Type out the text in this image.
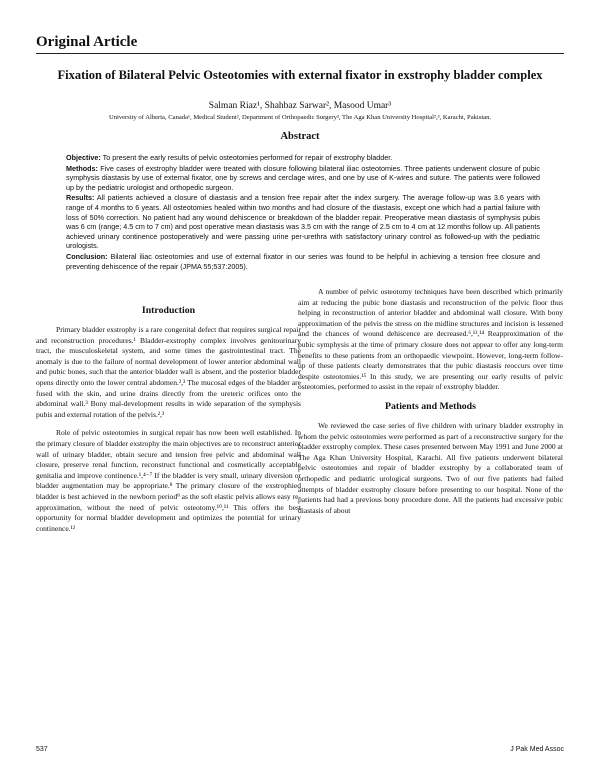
Original Article
Fixation of Bilateral Pelvic Osteotomies with external fixator in exstrophy bladder complex
Salman Riaz¹, Shahbaz Sarwar², Masood Umar³
University of Alberta, Canada¹, Medical Student², Department of Orthopaedic Surgery³, The Aga Khan University Hospital²,³, Karachi, Pakistan.
Abstract

Objective: To present the early results of pelvic osteotomies performed for repair of exstrophy bladder.

Methods: Five cases of exstrophy bladder were treated with closure following bilateral iliac osteotomies. Three patients underwent closure of pubic symphysis diastasis by use of external fixator, one by screws and cerclage wires, and one by use of K-wires and suture. The patients were followed up by the pediatric urologist and orthopedic surgeon.

Results: All patients achieved a closure of diastasis and a tension free repair after the index surgery. The average follow-up was 3.6 years with range of 4 months to 6 years. All osteotomies healed within two months and had closure of the diastasis, except one which had a partial failure with loss of 50% correction. No patient had any wound dehiscence or breakdown of the bladder repair. Preoperative mean diastasis of symphysis pubis was 6 cm (range; 4.5 cm to 7 cm) and post operative mean diastasis was 3.5 cm with the range of 2.5 cm to 4 cm at 12 months follow up. All patients achieved urinary continence postoperatively and were passing urine per-urethra with satisfactory urinary control as followed-up with the pediatric urologists.

Conclusion: Bilateral iliac osteotomies and use of external fixator in our series was found to be helpful in achieving a tension free closure and preventing dehiscence of the repair (JPMA 55;537:2005).

Introduction

Primary bladder exstrophy is a rare congenital defect that requires surgical repair and reconstruction procedures.¹ Bladder-exstrophy complex involves genitourinary tract, the musculoskeletal system, and some times the gastrointestinal tract. The anomaly is due to the failure of normal development of lower anterior abdominal wall and pubic bones, such that the anterior bladder wall is absent, and the posterior bladder opens directly onto the lower central abdomen.²,³ The mucosal edges of the bladder are fused with the skin, and urine drains directly from the ureteric orifices onto the abdominal wall.³ Bony mal-development results in wide separation of the symphysis pubis and external rotation of the pelvis.²,³

Role of pelvic osteotomies in surgical repair has now been well established. In the primary closure of bladder exstrophy the main objectives are to reconstruct anterior wall of urinary bladder, obtain secure and tension free pelvic and abdominal wall closure, preserve renal function, reconstruct functional and cosmetically acceptable genitalia and improve continence.¹,⁴⁻⁷ If the bladder is very small, urinary diversion or bladder augmentation may be appropriate.⁸ The primary closure of the exstrophied bladder is best achieved in the newborn period⁹ as the soft elastic pelvis allows easy re-approximation, without the need of pelvic osteotomy.¹⁰,¹¹ This offers the best opportunity for normal bladder development and optimizes the potential for urinary continence.¹²

A number of pelvic osteotomy techniques have been described which primarily aim at reducing the pubic bone diastasis and reconstruction of the pelvic floor thus helping in reconstruction of anterior bladder and abdominal wall closure. With bony approximation of the pelvis the stress on the midline structures and incision is lessened and the chances of wound dehiscence are decreased.⁶,¹³,¹⁴ Reapproximation of the pubic symphysis at the time of primary closure does not appear to offer any long-term benefits to these patients from an orthopaedic viewpoint. However, long-term follow-up of these patients clearly demonstrates that the pubic diastasis reoccurs over time despite osteotomies.¹⁵ In this study, we are presenting our early results of pelvic osteotomies, performed to assist in the repair of exstrophy bladder.

Patients and Methods

We reviewed the case series of five children with urinary bladder exstrophy in whom the pelvic osteotomies were performed as part of a reconstructive surgery for the bladder exstrophy complex. These cases presented between May 1991 and June 2000 at The Aga Khan University Hospital, Karachi. All five patients underwent bilateral pelvic osteotomies and repair of bladder exstrophy by a collaborated team of orthopedic and pediatric urological surgeons. Two of our five patients had failed attempts of bladder exstrophy closure before presenting to our hospital. None of the patients had had a previous bony procedure done. All the patients had excessive pubic diastasis of about

537	J Pak Med Assoc
